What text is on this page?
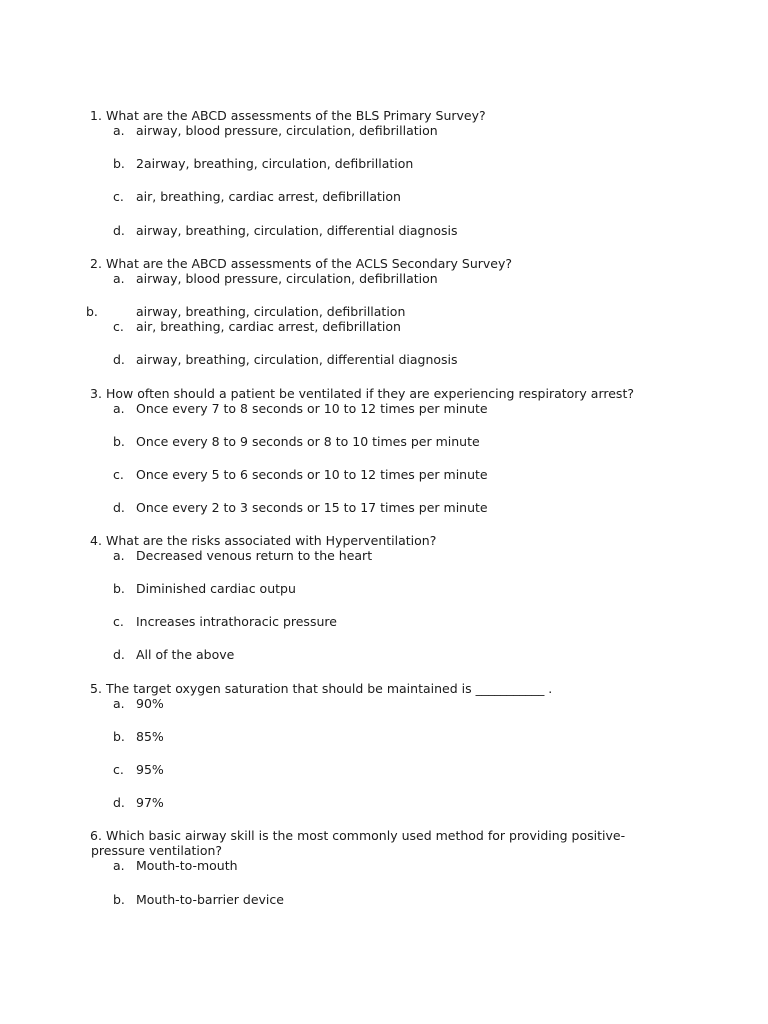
1. What are the ABCD assessments of the BLS Primary Survey?
a. airway, blood pressure, circulation, defibrillation
b. 2airway, breathing, circulation, defibrillation
c. air, breathing, cardiac arrest, defibrillation
d. airway, breathing, circulation, differential diagnosis
2. What are the ABCD assessments of the ACLS Secondary Survey?
a. airway, blood pressure, circulation, defibrillation
b.	airway, breathing, circulation, defibrillation
c. air, breathing, cardiac arrest, defibrillation
d. airway, breathing, circulation, differential diagnosis
3. How often should a patient be ventilated if they are experiencing respiratory arrest?
a. Once every 7 to 8 seconds or 10 to 12 times per minute
b. Once every 8 to 9 seconds or 8 to 10 times per minute
c. Once every 5 to 6 seconds or 10 to 12 times per minute
d. Once every 2 to 3 seconds or 15 to 17 times per minute
4. What are the risks associated with Hyperventilation?
a. Decreased venous return to the heart
b. Diminished cardiac outpu
c. Increases intrathoracic pressure
d. All of the above
5. The target oxygen saturation that should be maintained is ___________ .
a. 90%
b. 85%
c. 95%
d. 97%
6. Which basic airway skill is the most commonly used method for providing positive-
pressure ventilation?
a. Mouth-to-mouth
b. Mouth-to-barrier device
